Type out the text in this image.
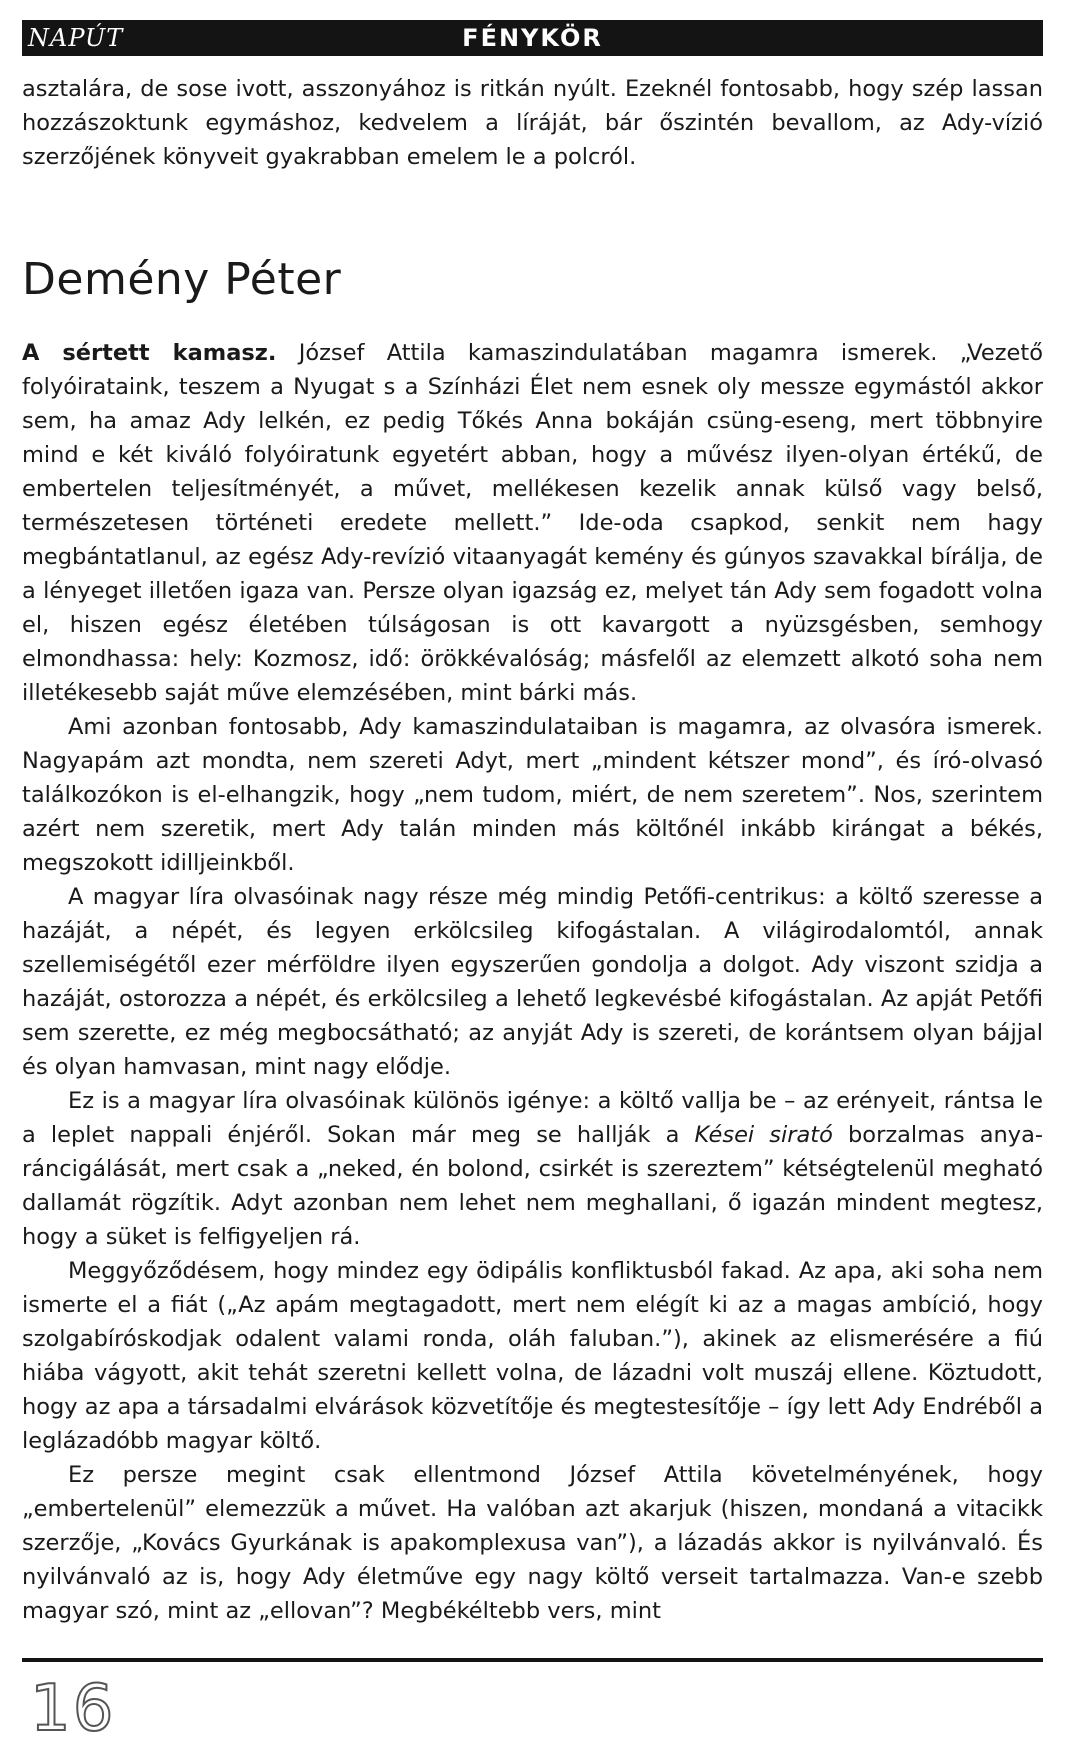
NAPÚT	FÉNYKÖR

asztalára, de sose ivott, asszonyához is ritkán nyúlt. Ezeknél fontosabb, hogy szép lassan hozzászoktunk egymáshoz, kedvelem a líráját, bár őszintén bevallom, az Ady-vízió szerzőjének könyveit gyakrabban emelem le a polcról.

Demény Péter

A sértett kamasz. József Attila kamaszindulatában magamra ismerek. „Vezető folyóirataink, teszem a Nyugat s a Színházi Élet nem esnek oly messze egymástól akkor sem, ha amaz Ady lelkén, ez pedig Tőkés Anna bokáján csüng-eseng, mert többnyire mind e két kiváló folyóiratunk egyetért abban, hogy a művész ilyen-olyan értékű, de embertelen teljesítményét, a művet, mellékesen kezelik annak külső vagy belső, természetesen történeti eredete mellett.” Ide-oda csapkod, senkit nem hagy megbántatlanul, az egész Ady-revízió vitaanyagát kemény és gúnyos szavakkal bírálja, de a lényeget illetően igaza van. Persze olyan igazság ez, melyet tán Ady sem fogadott volna el, hiszen egész életében túlságosan is ott kavargott a nyüzsgésben, semhogy elmondhassa: hely: Kozmosz, idő: örökkévalóság; másfelől az elemzett alkotó soha nem illetékesebb saját műve elemzésében, mint bárki más.

Ami azonban fontosabb, Ady kamaszindulataiban is magamra, az olvasóra ismerek. Nagyapám azt mondta, nem szereti Adyt, mert „mindent kétszer mond”, és író-olvasó találkozókon is el-elhangzik, hogy „nem tudom, miért, de nem szeretem”. Nos, szerintem azért nem szeretik, mert Ady talán minden más költőnél inkább kirángat a békés, megszokott idilljeinkből.

A magyar líra olvasóinak nagy része még mindig Petőfi-centrikus: a költő szeresse a hazáját, a népét, és legyen erkölcsileg kifogástalan. A világirodalomtól, annak szellemiségétől ezer mérföldre ilyen egyszerűen gondolja a dolgot. Ady viszont szidja a hazáját, ostorozza a népét, és erkölcsileg a lehető legkevésbé kifogástalan. Az apját Petőfi sem szerette, ez még megbocsátható; az anyját Ady is szereti, de korántsem olyan bájjal és olyan hamvasan, mint nagy elődje.

Ez is a magyar líra olvasóinak különös igénye: a költő vallja be – az erényeit, rántsa le a leplet nappali énjéről. Sokan már meg se hallják a Kései sirató borzalmas anya-ráncigálását, mert csak a „neked, én bolond, csirkét is szereztem” kétségtelenül megható dallamát rögzítik. Adyt azonban nem lehet nem meghallani, ő igazán mindent megtesz, hogy a süket is felfigyeljen rá.

Meggyőződésem, hogy mindez egy ödipális konfliktusból fakad. Az apa, aki soha nem ismerte el a fiát („Az apám megtagadott, mert nem elégít ki az a magas ambíció, hogy szolgabíróskodjak odalent valami ronda, oláh faluban.”), akinek az elismerésére a fiú hiába vágyott, akit tehát szeretni kellett volna, de lázadni volt muszáj ellene. Köztudott, hogy az apa a társadalmi elvárások közvetítője és megtestesítője – így lett Ady Endréből a leglázadóbb magyar költő.

Ez persze megint csak ellentmond József Attila követelményének, hogy „embertelenül” elemezzük a művet. Ha valóban azt akarjuk (hiszen, mondaná a vitacikk szerzője, „Kovács Gyurkának is apakomplexusa van”), a lázadás akkor is nyilvánvaló. És nyilvánvaló az is, hogy Ady életműve egy nagy költő verseit tartalmazza. Van-e szebb magyar szó, mint az „ellovan”? Megbékéltebb vers, mint

16
